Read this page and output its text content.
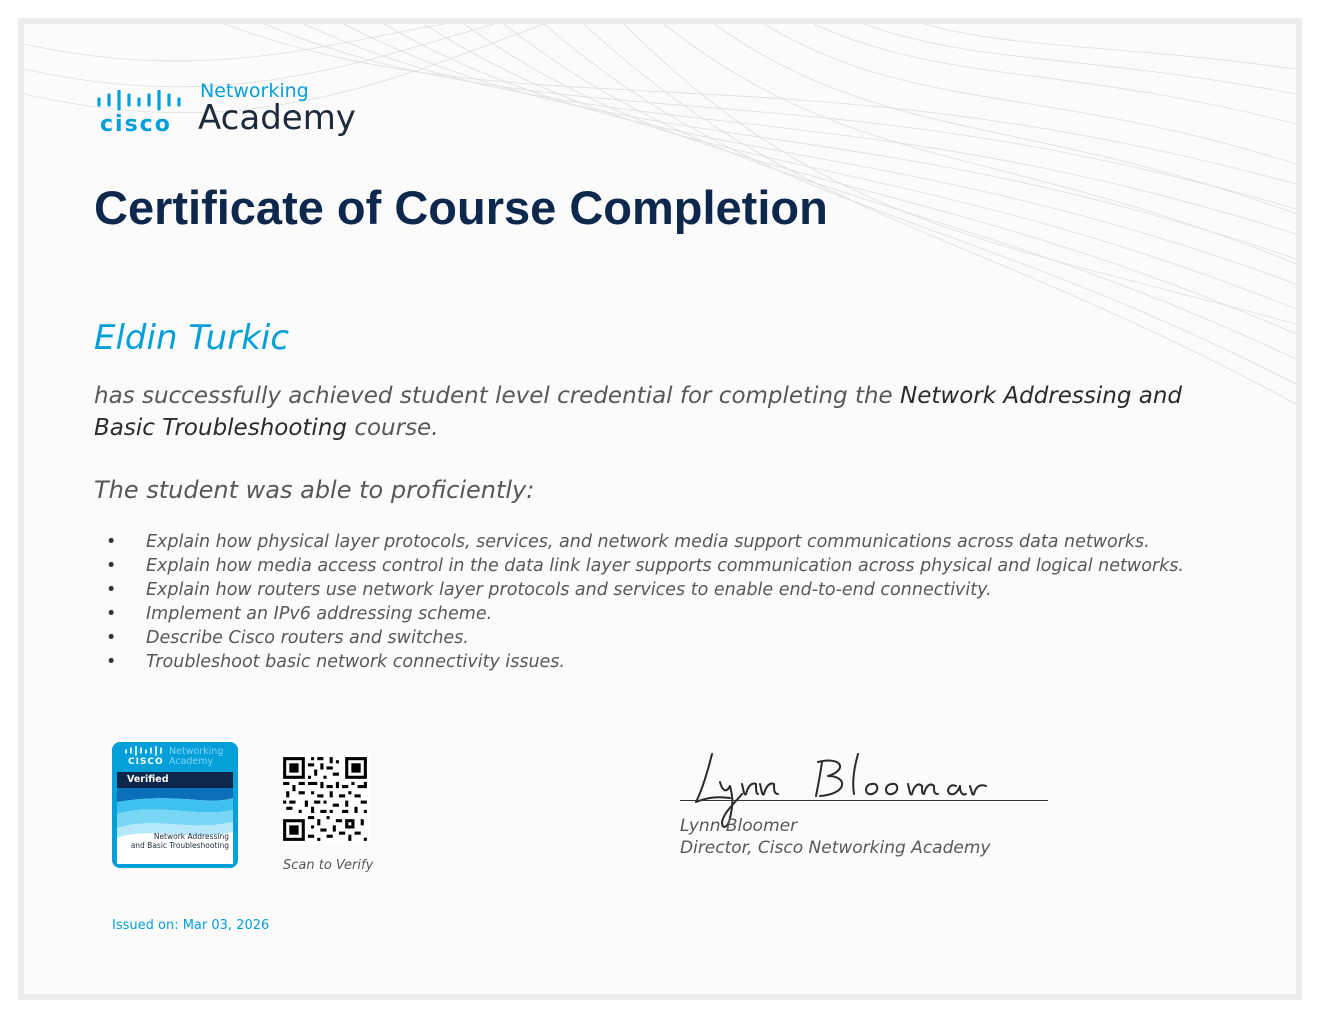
cisco
Networking
Academy
Certificate of Course Completion
Eldin Turkic
has successfully achieved student level credential for completing the Network Addressing and Basic Troubleshooting course.
The student was able to proficiently:
• Explain how physical layer protocols, services, and network media support communications across data networks.
• Explain how media access control in the data link layer supports communication across physical and logical networks.
• Explain how routers use network layer protocols and services to enable end-to-end connectivity.
• Implement an IPv6 addressing scheme.
• Describe Cisco routers and switches.
• Troubleshoot basic network connectivity issues.
CISCO
Networking
Academy
Verified
Network Addressing
and Basic Troubleshooting
Scan to Verify
Lynn Bloomer
Director, Cisco Networking Academy
Issued on: Mar 03, 2026
